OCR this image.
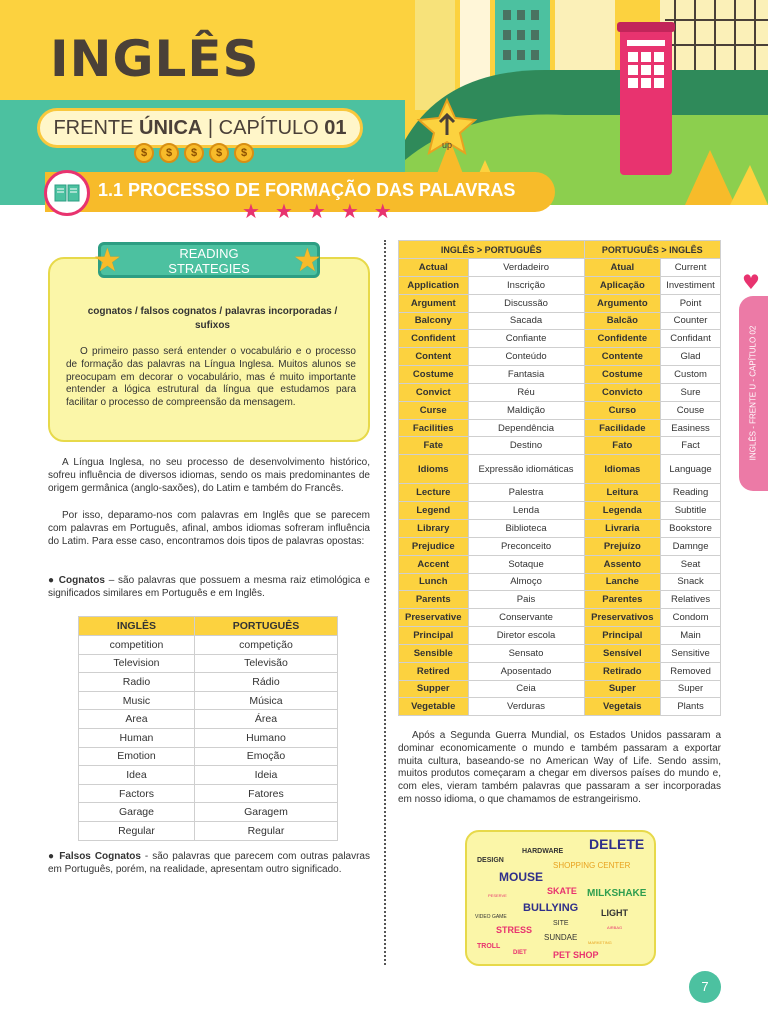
up
INGLÊS
FRENTE ÚNICA | CAPÍTULO 01
$	$	$	$	$
1.1 PROCESSO DE FORMAÇÃO DAS PALAVRAS
★ ★ ★ ★ ★
READING
STRATEGIES
★	★
cognatos / falsos cognatos / palavras incorporadas / sufixos
O primeiro passo será entender o vocabulário e o processo de formação das palavras na Língua Inglesa. Muitos alunos se preocupam em decorar o vocabulário, mas é muito importante entender a lógica estrutural da língua que estudamos para facilitar o processo de compreensão da mensagem.
A Língua Inglesa, no seu processo de desenvolvimento histórico, sofreu influência de diversos idiomas, sendo os mais predominantes de origem germânica (anglo-saxões), do Latim e também do Francês.
Por isso, deparamo-nos com palavras em Inglês que se parecem com palavras em Português, afinal, ambos idiomas sofreram influência do Latim. Para esse caso, encontramos dois tipos de palavras opostas:
● Cognatos – são palavras que possuem a mesma raiz etimológica e significados similares em Português e em Inglês.
INGLÊS	PORTUGUÊS
competition	competição
Television	Televisão
Radio	Rádio
Music	Música
Area	Área
Human	Humano
Emotion	Emoção
Idea	Ideia
Factors	Fatores
Garage	Garagem
Regular	Regular
● Falsos Cognatos - são palavras que parecem com outras palavras em Português, porém, na realidade, apresentam outro significado.
INGLÊS > PORTUGUÊS		PORTUGUÊS > INGLÊS	
Actual	Verdadeiro	Atual	Current
Application	Inscrição	Aplicação	Investiment
Argument	Discussão	Argumento	Point
Balcony	Sacada	Balcão	Counter
Confident	Confiante	Confidente	Confidant
Content	Conteúdo	Contente	Glad
Costume	Fantasia	Costume	Custom
Convict	Réu	Convicto	Sure
Curse	Maldição	Curso	Couse
Facilities	Dependência	Facilidade	Easiness
Fate	Destino	Fato	Fact
Idioms	Expressão idiomáticas	Idiomas	Language
Lecture	Palestra	Leitura	Reading
Legend	Lenda	Legenda	Subtitle
Library	Biblioteca	Livraria	Bookstore
Prejudice	Preconceito	Prejuízo	Damnge
Accent	Sotaque	Assento	Seat
Lunch	Almoço	Lanche	Snack
Parents	Pais	Parentes	Relatives
Preservative	Conservante	Preservativos	Condom
Principal	Diretor escola	Principal	Main
Sensible	Sensato	Sensível	Sensitive
Retired	Aposentado	Retirado	Removed
Supper	Ceia	Super	Super
Vegetable	Verduras	Vegetais	Plants
Após a Segunda Guerra Mundial, os Estados Unidos passaram a dominar economicamente o mundo e também passaram a exportar muita cultura, baseando-se no American Way of Life. Sendo assim, muitos produtos começaram a chegar em diversos países do mundo e, com eles, vieram também palavras que passaram a ser incorporadas em nosso idioma, o que chamamos de estrangeirismo.
DELETE
HARDWARE
DESIGN
SHOPPING CENTER
MOUSE
PESERVE	SKATE MILKSHAKE
BULLYING	LIGHT
VIDEO GAME
SITE
AIRBAG
STRESS
SUNDAE
TROLL
MARKETING
DIET	PET SHOP
♥
INGLÊS - FRENTE U - CAPÍTULO 02
7
